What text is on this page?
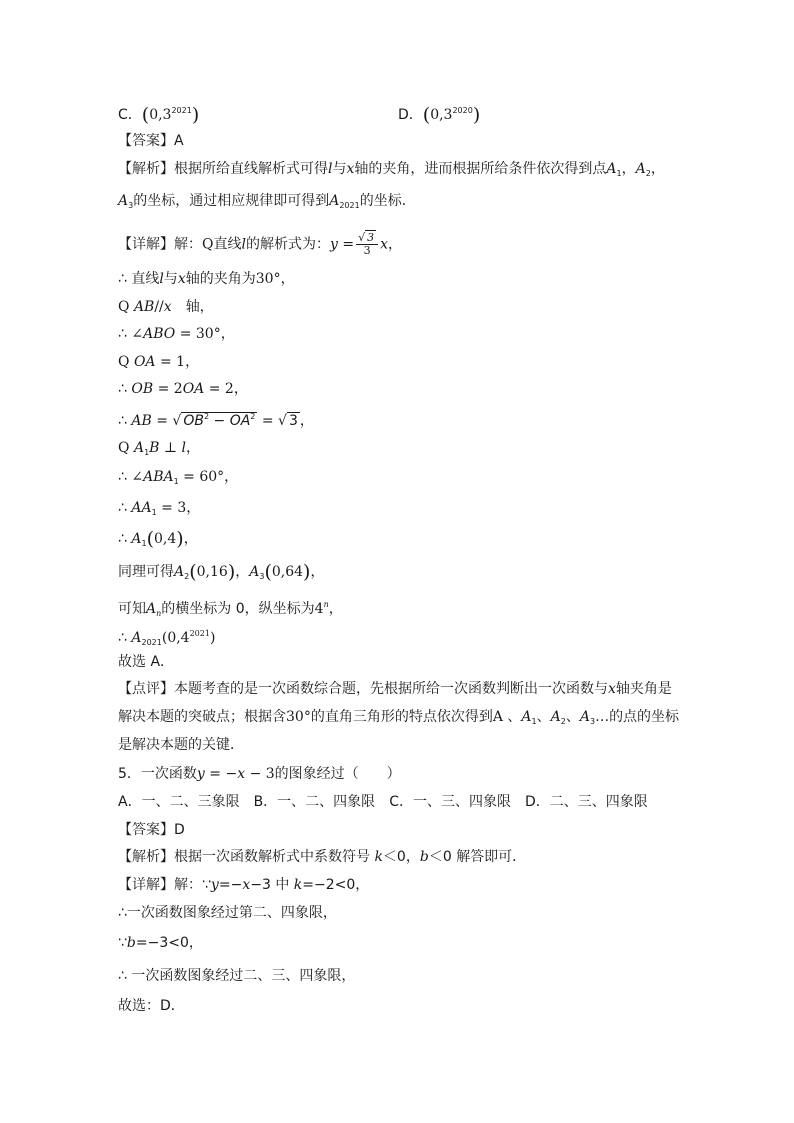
C．$(0,3^{2021})$	D．$(0,3^{2020})$
【答案】A
【解析】根据所给直线解析式可得l与x轴的夹角，进而根据所给条件依次得到点$A_1$，$A_2$，
$A_3$的坐标，通过相应规律即可得到$A_{2021}$的坐标．
【详解】解：Q直线l的解析式为：$y = \frac{√ 3}{3}$ x，
∴ 直线l与x轴的夹角为30°，
Q AB//x　 轴，
∴ ∠ABO = 30°，
Q OA = 1，
∴ OB = 2OA = 2，
∴ AB = √ $OB^2 - OA^2$ = √ 3 ，
Q $A_1B$ ⊥ l，
∴ $\angle ABA_1 = 60^\circ$，
∴ $AA_1 = 3$，
∴ $A_1(0,4)$，
同理可得$A_2(0,16)$，$A_3(0,64)$，
可知$A_n$的横坐标为 0，纵坐标为4$^n$，
∴ $A_{2021}(0,4^{2021})$
故选 A．
【点评】本题考查的是一次函数综合题，先根据所给一次函数判断出一次函数与x轴夹角是
解决本题的突破点；根据含30°的直角三角形的特点依次得到A 、$A_1$、$A_2$、$A_3\dots$的点的坐标
是解决本题的关键．
5．一次函数y = −x − 3的图象经过（　　）
A．一、二、三象限　 B．一、二、四象限　 C．一、三、四象限　 D．二、三、四象限
【答案】D
【解析】根据一次函数解析式中系数符号 k＜0，b＜0 解答即可．
【详解】解：∵y=−x−3 中 k=−2<0，
∴一次函数图象经过第二、四象限，
∵b=−3<0，
∴ 一次函数图象经过二、三、四象限，
故选：D．
